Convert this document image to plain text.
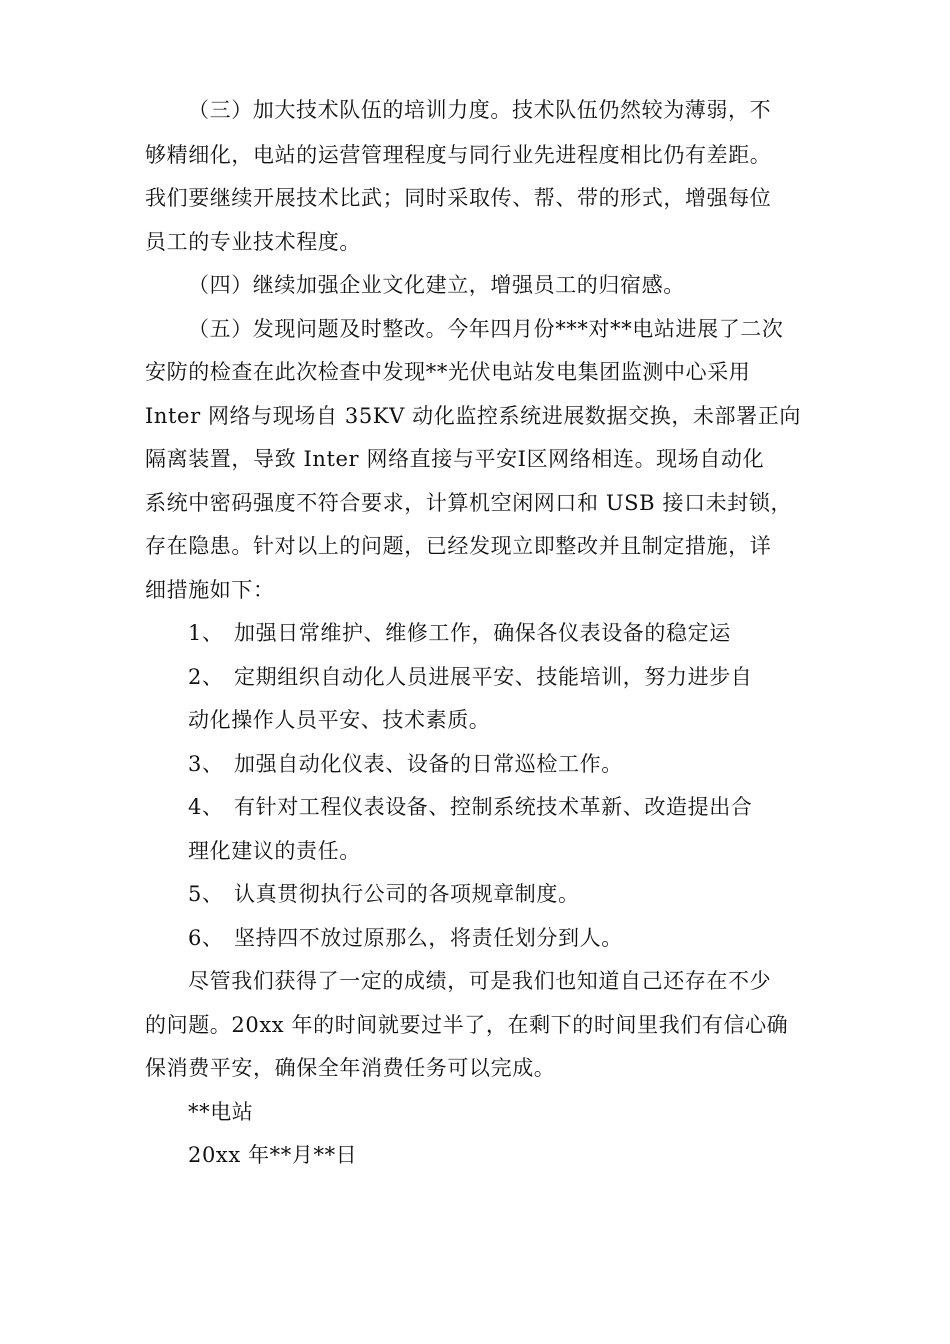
（三）加大技术队伍的培训力度。技术队伍仍然较为薄弱，不
够精细化，电站的运营管理程度与同行业先进程度相比仍有差距。
我们要继续开展技术比武；同时采取传、帮、带的形式，增强每位
员工的专业技术程度。
（四）继续加强企业文化建立，增强员工的归宿感。
（五）发现问题及时整改。今年四月份***对**电站进展了二次
安防的检查在此次检查中发现**光伏电站发电集团监测中心采用
Inter 网络与现场自 35KV 动化监控系统进展数据交换，未部署正向
隔离装置，导致 Inter 网络直接与平安Ⅰ区网络相连。现场自动化
系统中密码强度不符合要求，计算机空闲网口和 USB 接口未封锁，
存在隐患。针对以上的问题，已经发现立即整改并且制定措施，详
细措施如下：
1、 加强日常维护、维修工作，确保各仪表设备的稳定运
2、 定期组织自动化人员进展平安、技能培训，努力进步自
动化操作人员平安、技术素质。
3、 加强自动化仪表、设备的日常巡检工作。
4、 有针对工程仪表设备、控制系统技术革新、改造提出合
理化建议的责任。
5、 认真贯彻执行公司的各项规章制度。
6、 坚持四不放过原那么，将责任划分到人。
尽管我们获得了一定的成绩，可是我们也知道自己还存在不少
的问题。20xx 年的时间就要过半了，在剩下的时间里我们有信心确
保消费平安，确保全年消费任务可以完成。
**电站
20xx 年**月**日
